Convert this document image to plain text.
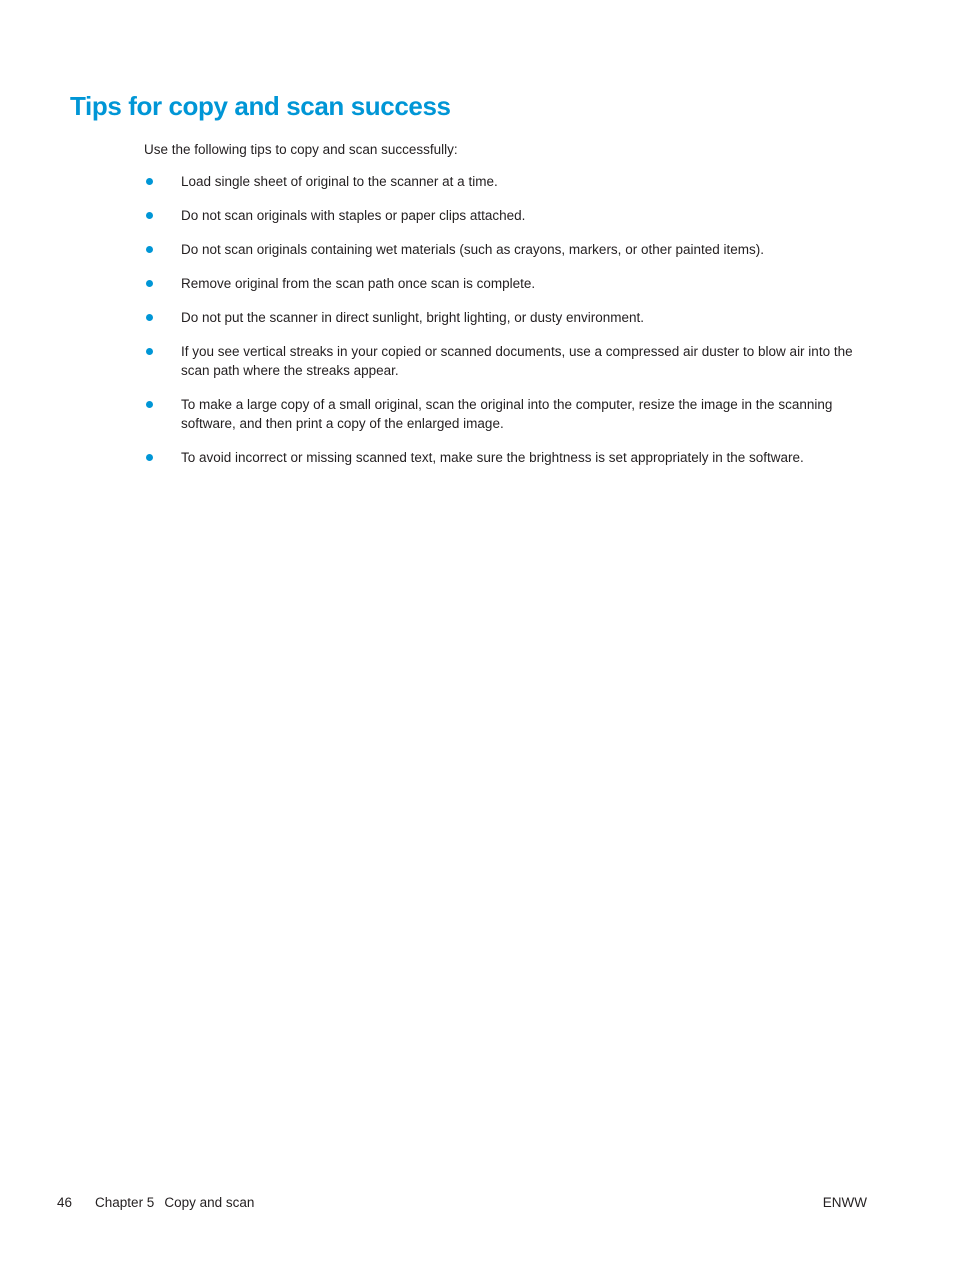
Tips for copy and scan success

Use the following tips to copy and scan successfully:

Load single sheet of original to the scanner at a time.
Do not scan originals with staples or paper clips attached.
Do not scan originals containing wet materials (such as crayons, markers, or other painted items).
Remove original from the scan path once scan is complete.
Do not put the scanner in direct sunlight, bright lighting, or dusty environment.
If you see vertical streaks in your copied or scanned documents, use a compressed air duster to blow air into the scan path where the streaks appear.
To make a large copy of a small original, scan the original into the computer, resize the image in the scanning software, and then print a copy of the enlarged image.
To avoid incorrect or missing scanned text, make sure the brightness is set appropriately in the software.
46 Chapter 5 Copy and scan	ENWW
